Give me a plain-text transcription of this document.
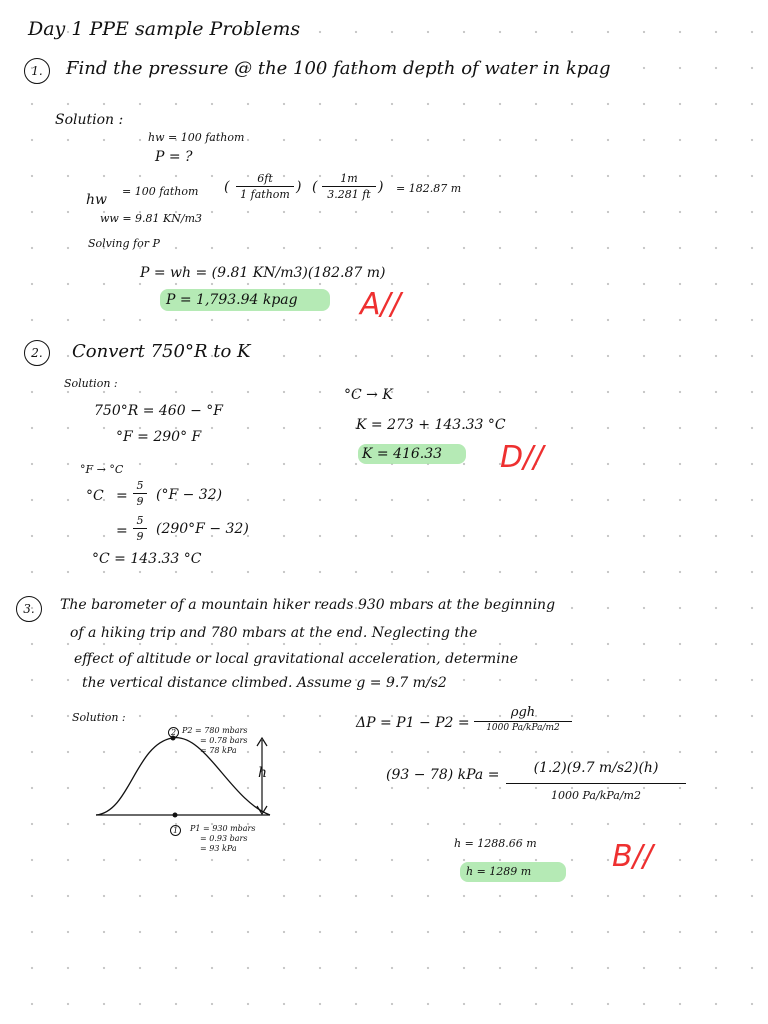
Day 1 PPE sample Problems
1.	Find the pressure @ the 100 fathom depth of water in kpag
Solution :
hw = 100 fathom
P = ?
hw
= 100 fathom (
6ft
1 fathom ) (
1m
3.281 ft ) = 182.87 m
ww = 9.81 KN/m3
Solving for P
P = wh = (9.81 KN/m3)(182.87 m)
P = 1,793.94 kpag A//
2.	Convert 750°R to K
Solution :
750°R = 460 − °F
°F = 290° F
°F → °C
°C =
5
9 (°F − 32)
=
5
9 (290°F − 32)
°C = 143.33 °C
°C → K
K = 273 + 143.33 °C
K = 416.33 D//
3.	The barometer of a mountain hiker reads 930 mbars at the beginning
of a hiking trip and 780 mbars at the end. Neglecting the
effect of altitude or local gravitational acceleration, determine
the vertical distance climbed. Assume g = 9.7 m/s2
Solution :
2 P2 = 780 mbars
= 0.78 bars
= 78 kPa
h
1	P1 = 930 mbars
= 0.93 bars
= 93 kPa
ΔP = P1 − P2 =
ρgh
1000 Pa/kPa/m2
(93 − 78) kPa =	(1.2)(9.7 m/s2)(h)
1000 Pa/kPa/m2
h = 1288.66 m
h = 1289 m	B//
